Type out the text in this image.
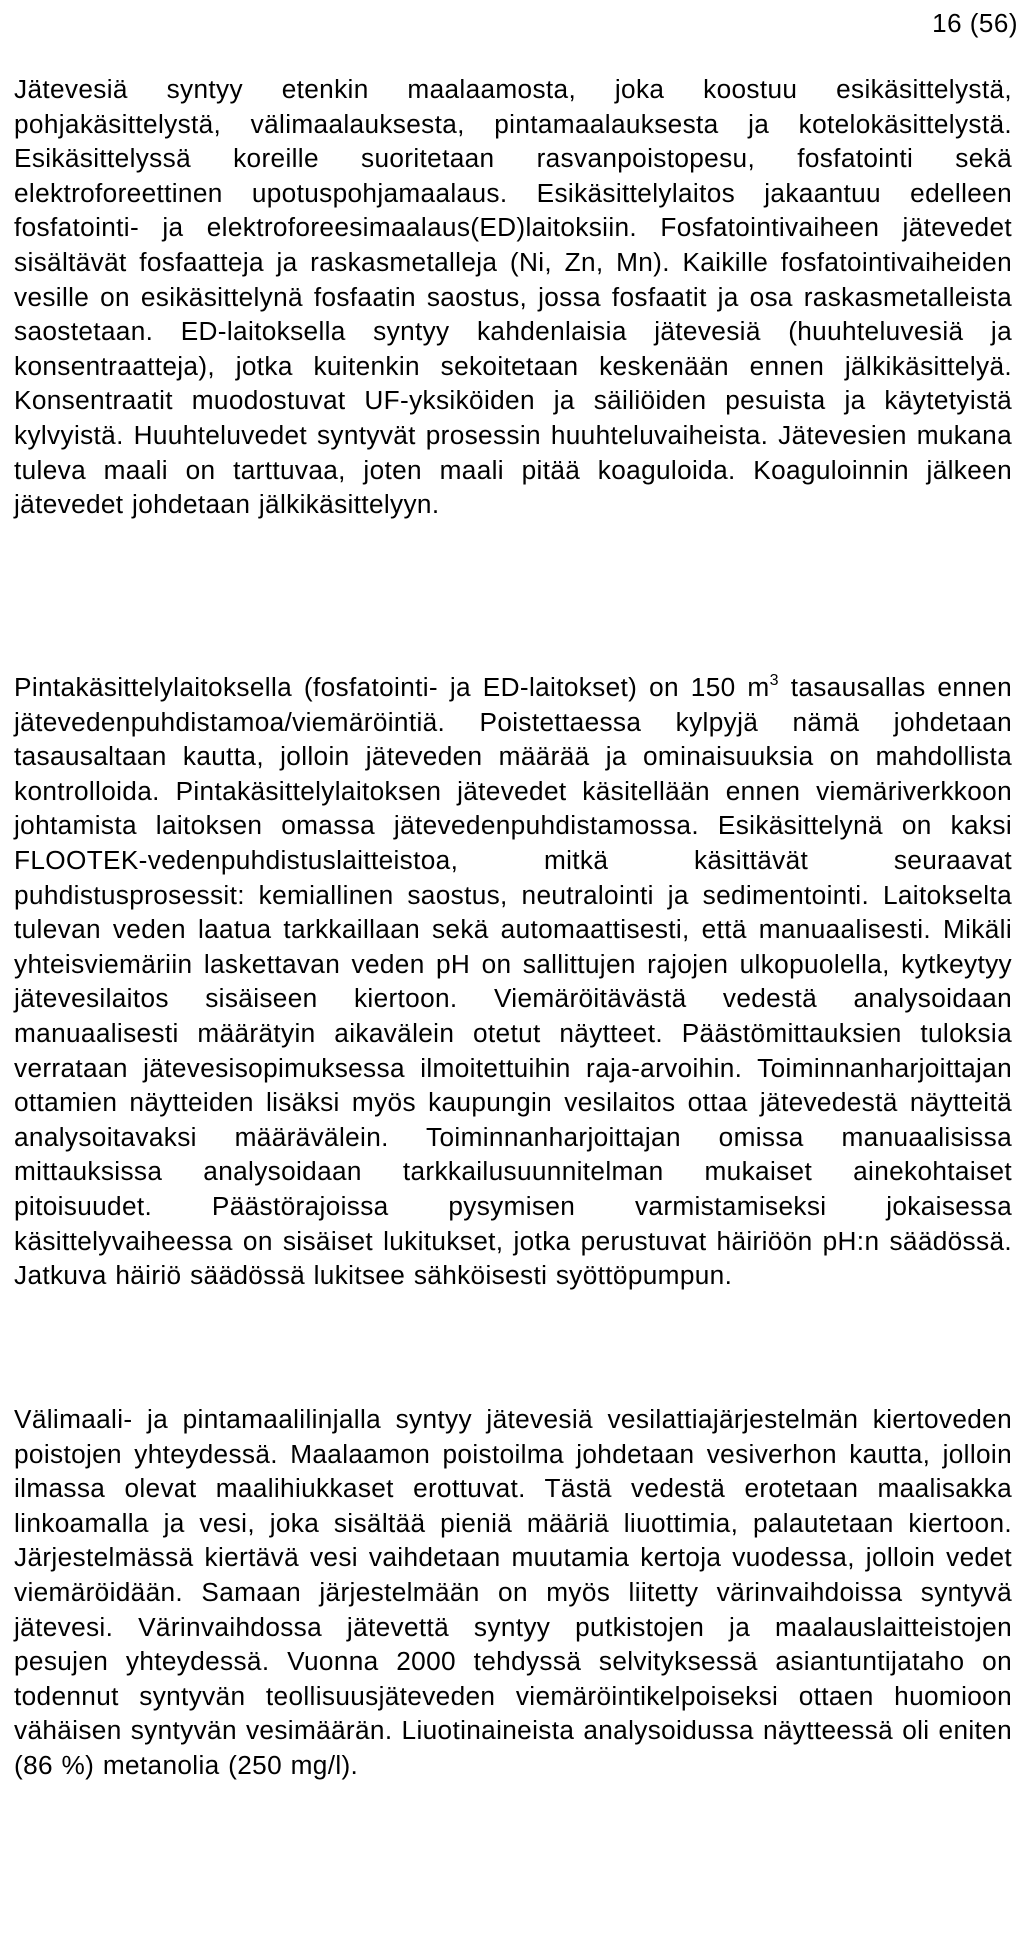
16 (56)

Jätevesiä syntyy etenkin maalaamosta, joka koostuu esikäsittelystä, pohjakäsittelystä, välimaalauksesta, pintamaalauksesta ja kotelokäsittelystä. Esikäsittelyssä koreille suoritetaan rasvanpoistopesu, fosfatointi sekä elektroforeettinen upotuspohjamaalaus. Esikäsittelylaitos jakaantuu edelleen fosfatointi- ja elektroforeesimaalaus(ED)laitoksiin. Fosfatointivaiheen jätevedet sisältävät fosfaatteja ja raskasmetalleja (Ni, Zn, Mn). Kaikille fosfatointivaiheiden vesille on esikäsittelynä fosfaatin saostus, jossa fosfaatit ja osa raskasmetalleista saostetaan. ED-laitoksella syntyy kahdenlaisia jätevesiä (huuhteluvesiä ja konsentraatteja), jotka kuitenkin sekoitetaan keskenään ennen jälkikäsittelyä. Konsentraatit muodostuvat UF-yksiköiden ja säiliöiden pesuista ja käytetyistä kylvyistä. Huuhteluvedet syntyvät prosessin huuhteluvaiheista. Jätevesien mukana tuleva maali on tarttuvaa, joten maali pitää koaguloida. Koaguloinnin jälkeen jätevedet johdetaan jälkikäsittelyyn.

Pintakäsittelylaitoksella (fosfatointi- ja ED-laitokset) on 150 $m^3$ tasausallas ennen jätevedenpuhdistamoa/viemäröintiä. Poistettaessa kylpyjä nämä johdetaan tasausaltaan kautta, jolloin jäteveden määrää ja ominaisuuksia on mahdollista kontrolloida. Pintakäsittelylaitoksen jätevedet käsitellään ennen viemäriverkkoon johtamista laitoksen omassa jätevedenpuhdistamossa. Esikäsittelynä on kaksi FLOOTEK-vedenpuhdistuslaitteistoa, mitkä käsittävät seuraavat puhdistusprosessit: kemiallinen saostus, neutralointi ja sedimentointi. Laitokselta tulevan veden laatua tarkkaillaan sekä automaattisesti, että manuaalisesti. Mikäli yhteisviemäriin laskettavan veden pH on sallittujen rajojen ulkopuolella, kytkeytyy jätevesilaitos sisäiseen kiertoon. Viemäröitävästä vedestä analysoidaan manuaalisesti määrätyin aikavälein otetut näytteet. Päästömittauksien tuloksia verrataan jätevesisopimuksessa ilmoitettuihin raja-arvoihin. Toiminnanharjoittajan ottamien näytteiden lisäksi myös kaupungin vesilaitos ottaa jätevedestä näytteitä analysoitavaksi määrävälein. Toiminnanharjoittajan omissa manuaalisissa mittauksissa analysoidaan tarkkailusuunnitelman mukaiset ainekohtaiset pitoisuudet. Päästörajoissa pysymisen varmistamiseksi jokaisessa käsittelyvaiheessa on sisäiset lukitukset, jotka perustuvat häiriöön pH:n säädössä. Jatkuva häiriö säädössä lukitsee sähköisesti syöttöpumpun.

Välimaali- ja pintamaalilinjalla syntyy jätevesiä vesilattiajärjestelmän kiertoveden poistojen yhteydessä. Maalaamon poistoilma johdetaan vesiverhon kautta, jolloin ilmassa olevat maalihiukkaset erottuvat. Tästä vedestä erotetaan maalisakka linkoamalla ja vesi, joka sisältää pieniä määriä liuottimia, palautetaan kiertoon. Järjestelmässä kiertävä vesi vaihdetaan muutamia kertoja vuodessa, jolloin vedet viemäröidään. Samaan järjestelmään on myös liitetty värinvaihdoissa syntyvä jätevesi. Värinvaihdossa jätevettä syntyy putkistojen ja maalauslaitteistojen pesujen yhteydessä. Vuonna 2000 tehdyssä selvityksessä asiantuntijataho on todennut syntyvän teollisuusjäteveden viemäröintikelpoiseksi ottaen huomioon vähäisen syntyvän vesimäärän. Liuotinaineista analysoidussa näytteessä oli eniten (86 %) metanolia (250 mg/l).
